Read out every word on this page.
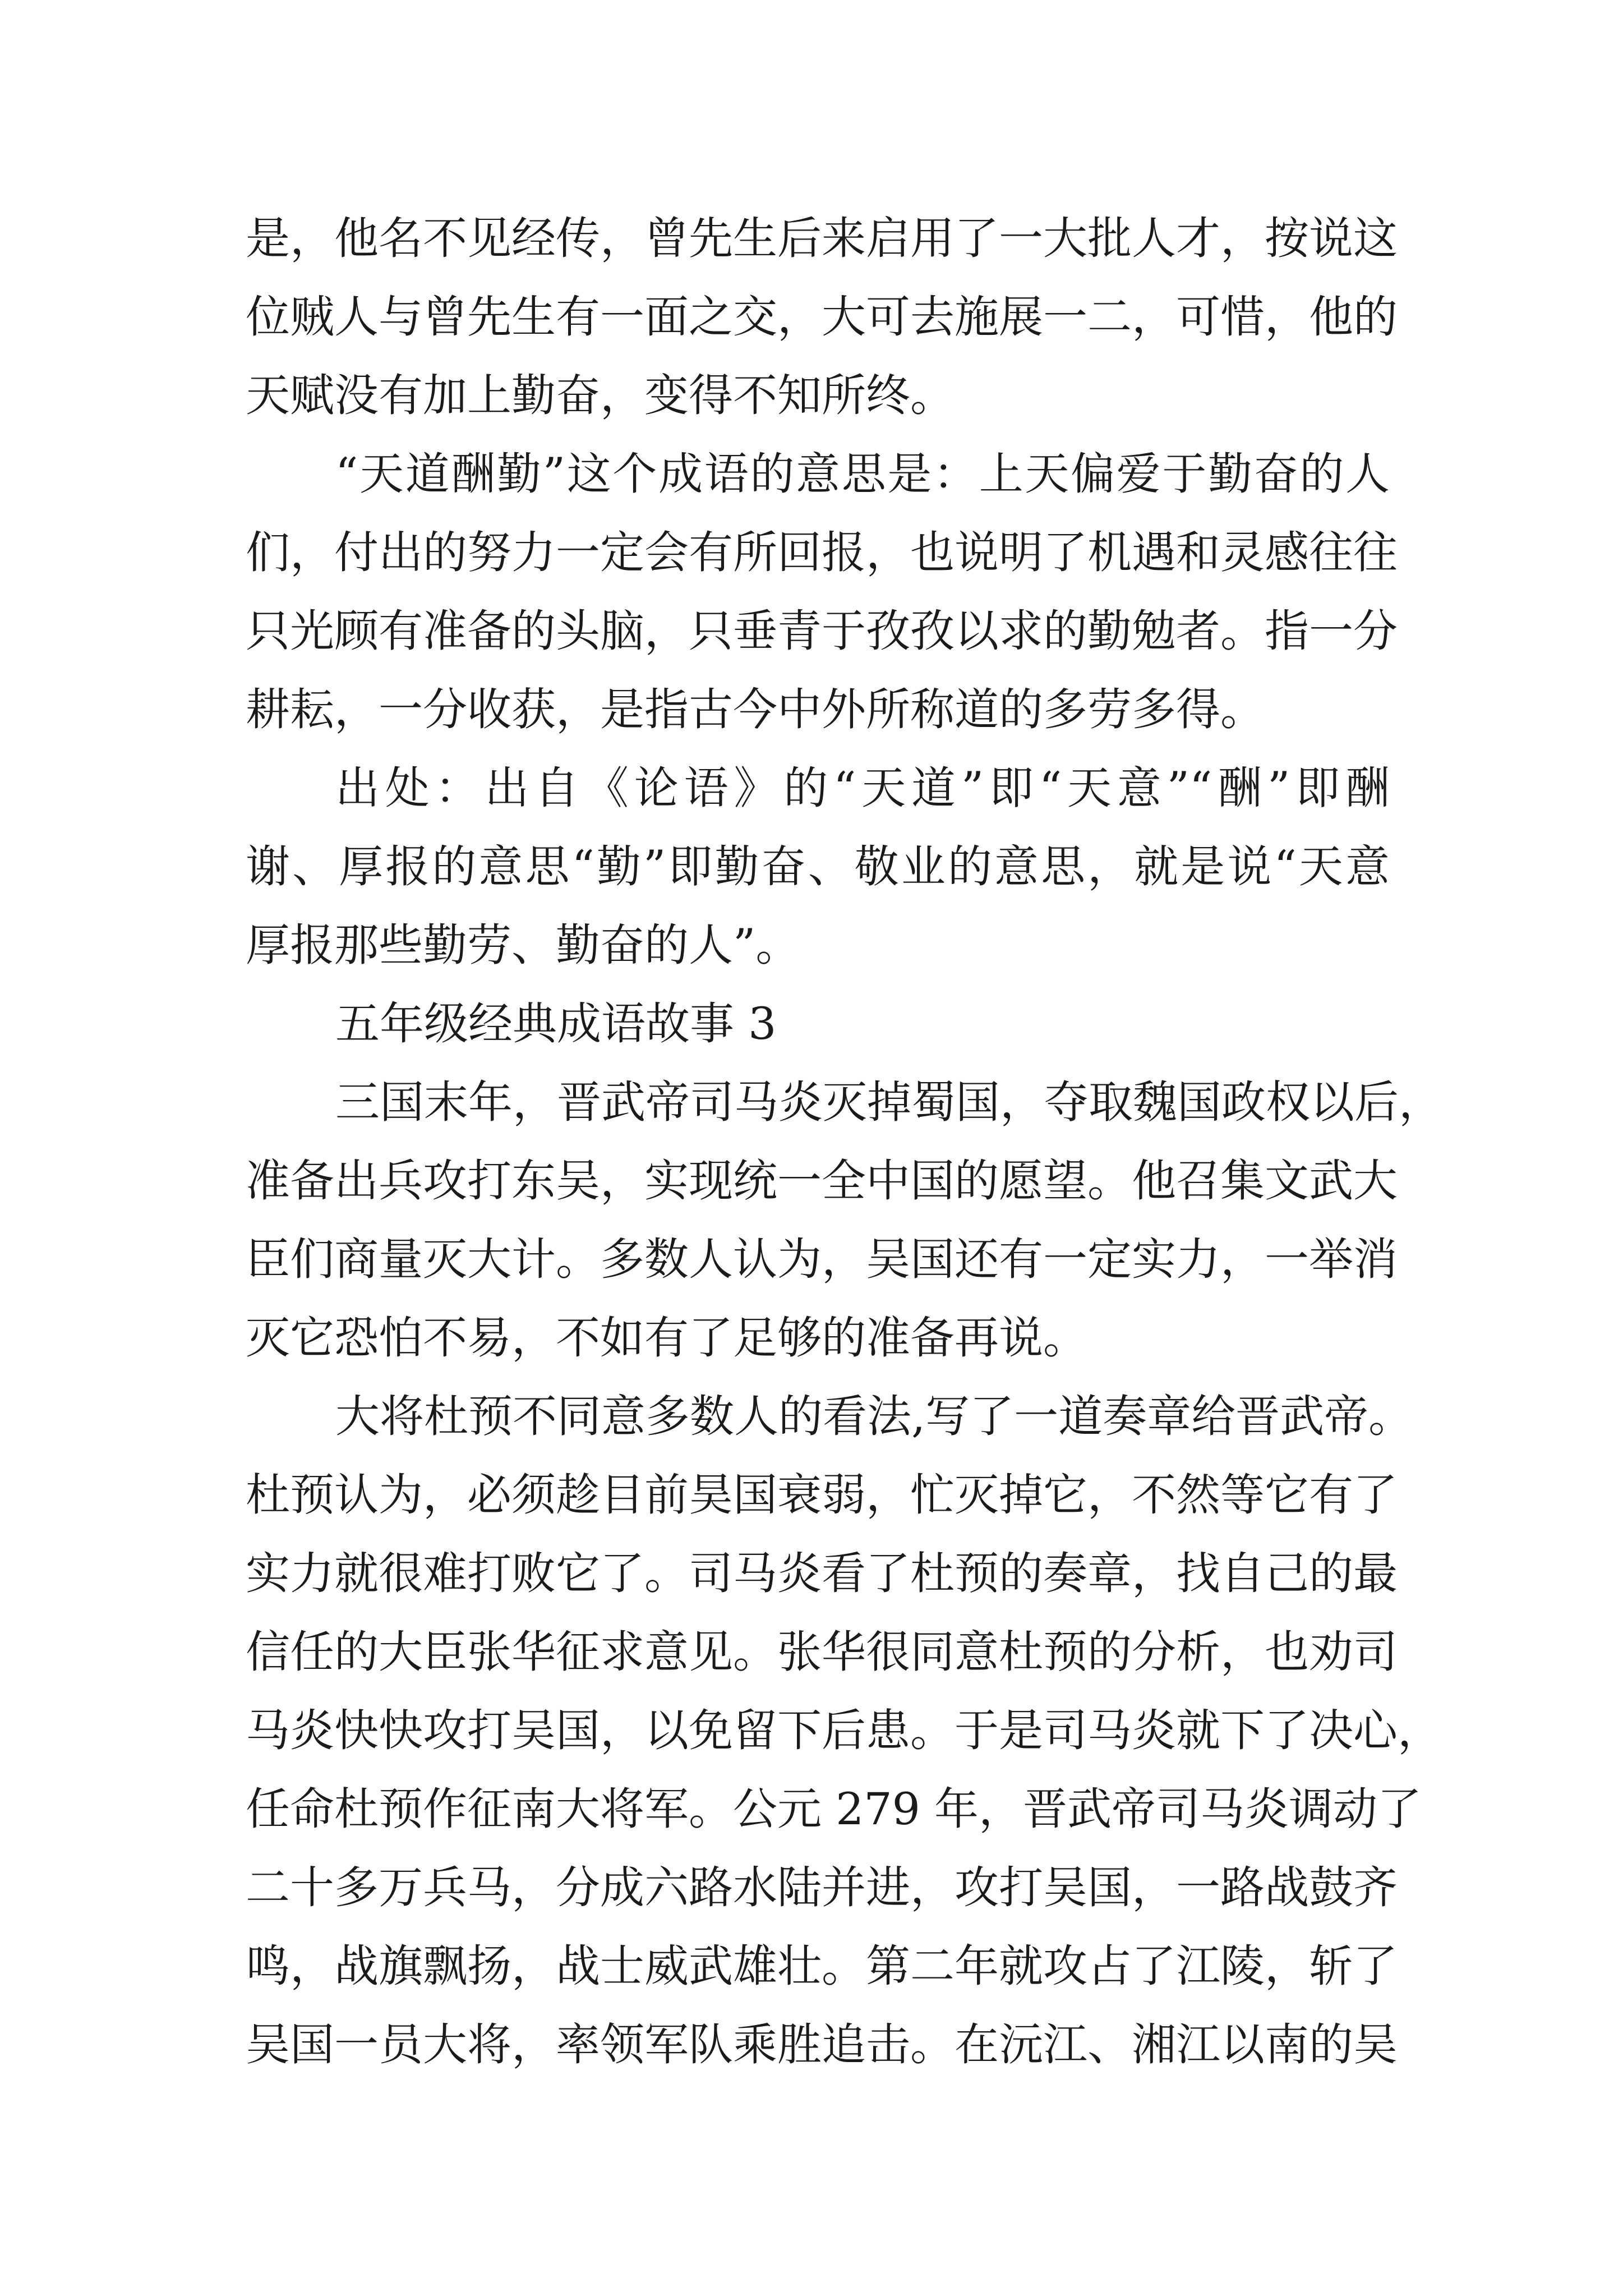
是，他名不见经传，曾先生后来启用了一大批人才，按说这
位贼人与曾先生有一面之交，大可去施展一二，可惜，他的
天赋没有加上勤奋，变得不知所终。
“天道酬勤”这个成语的意思是：上天偏爱于勤奋的人
们，付出的努力一定会有所回报，也说明了机遇和灵感往往
只光顾有准备的头脑，只垂青于孜孜以求的勤勉者。指一分
耕耘，一分收获，是指古今中外所称道的多劳多得。
出处：出自《论语》的“天道”即“天意”“酬”即酬
谢、厚报的意思“勤”即勤奋、敬业的意思，就是说“天意
厚报那些勤劳、勤奋的人”。
五年级经典成语故事 3
三国末年，晋武帝司马炎灭掉蜀国，夺取魏国政权以后，
准备出兵攻打东吴，实现统一全中国的愿望。他召集文武大
臣们商量灭大计。多数人认为，吴国还有一定实力，一举消
灭它恐怕不易，不如有了足够的准备再说。
大将杜预不同意多数人的看法,写了一道奏章给晋武帝。
杜预认为，必须趁目前昊国衰弱，忙灭掉它，不然等它有了
实力就很难打败它了。司马炎看了杜预的奏章，找自己的最
信任的大臣张华征求意见。张华很同意杜预的分析，也劝司
马炎快快攻打吴国，以免留下后患。于是司马炎就下了决心，
任命杜预作征南大将军。公元 279 年，晋武帝司马炎调动了
二十多万兵马，分成六路水陆并进，攻打吴国，一路战鼓齐
鸣，战旗飘扬，战士威武雄壮。第二年就攻占了江陵，斩了
吴国一员大将，率领军队乘胜追击。在沅江、湘江以南的吴
